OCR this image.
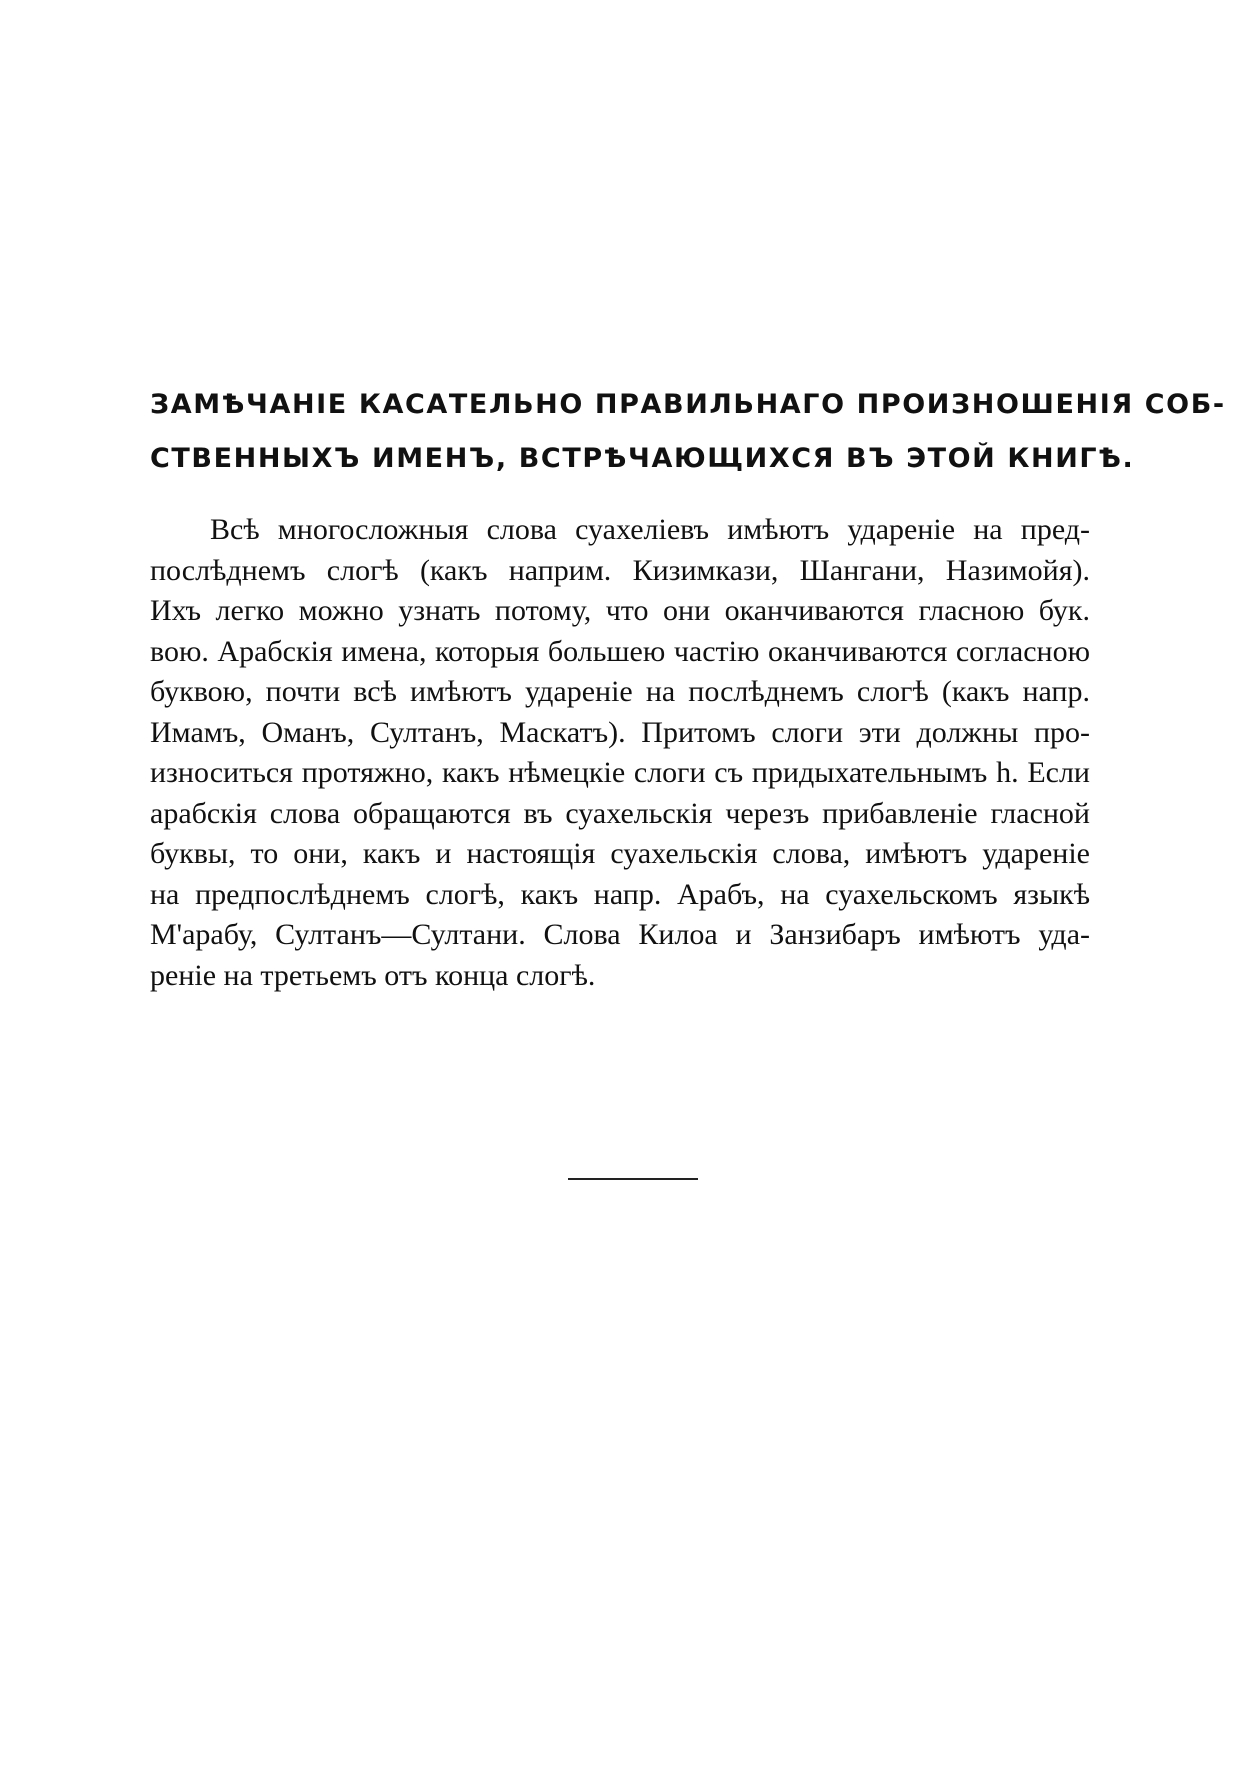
ЗАМѢЧАНІЕ КАСАТЕЛЬНО ПРАВИЛЬНАГО ПРОИЗНОШЕНІЯ СОБ-
СТВЕННЫХЪ ИМЕНЪ, ВСТРѢЧАЮЩИХСЯ ВЪ ЭТОЙ КНИГѢ.
Всѣ многосложныя слова суахеліевъ имѣютъ удареніе на пред-
послѣднемъ слогѣ (какъ наприм. Кизимкази, Шангани, Назимойя).
Ихъ легко можно узнать потому, что они оканчиваются гласною бук.
вою. Арабскія имена, которыя большею частію оканчиваются согласною
буквою, почти всѣ имѣютъ удареніе на послѣднемъ слогѣ (какъ напр.
Имамъ, Оманъ, Султанъ, Маскатъ). Притомъ слоги эти должны про-
износиться протяжно, какъ нѣмецкіе слоги съ придыхательнымъ h. Если
арабскія слова обращаются въ суахельскія черезъ прибавленіе гласной
буквы, то они, какъ и настоящія суахельскія слова, имѣютъ удареніе
на предпослѣднемъ слогѣ, какъ напр. Арабъ, на суахельскомъ языкѣ
М'арабу, Султанъ—Султани. Слова Килоа и Занзибаръ имѣютъ уда-
реніе на третьемъ отъ конца слогѣ.
